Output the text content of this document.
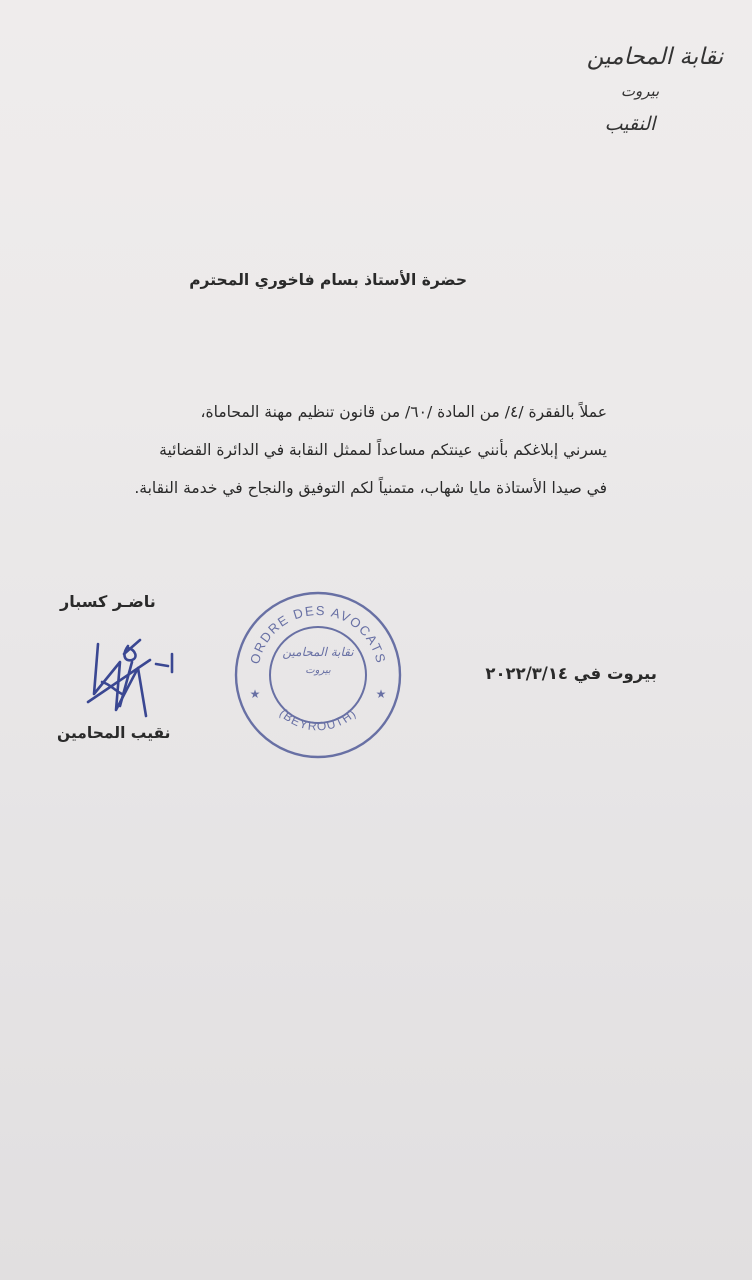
نقابة المحامين
بيروت
النقيب
حضرة الأستاذ بسام فاخوري المحترم

عملاً بالفقرة /٤/ من المادة /٦٠/ من قانون تنظيم مهنة المحاماة،

يسرني إبلاغكم بأنني عينتكم مساعداً لممثل النقابة في الدائرة القضائية

في صيدا الأستاذة مايا شهاب، متمنياً لكم التوفيق والنجاح في خدمة النقابة.

ناضـر كسبار
نقيب المحامين
ORDRE DES AVOCATS
(BEYROUTH)
★	★
نقابة المحامين
بيروت	بيروت في ٢٠٢٢/٣/١٤
